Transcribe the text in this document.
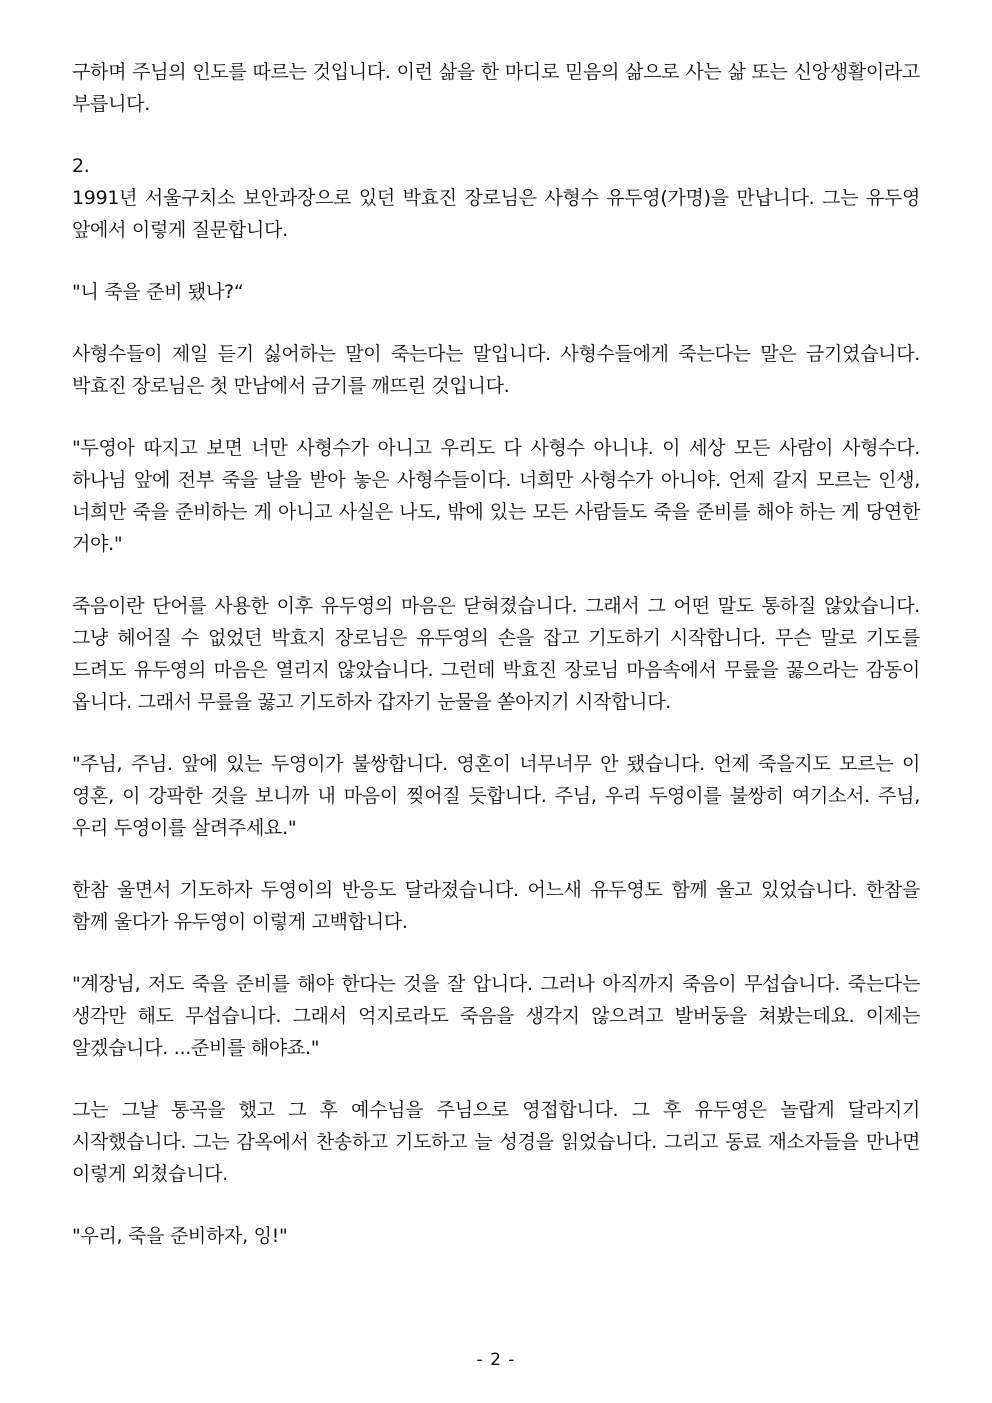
구하며 주님의 인도를 따르는 것입니다. 이런 삶을 한 마디로 믿음의 삶으로 사는 삶 또는 신앙생활이라고 부릅니다.

2.

1991년 서울구치소 보안과장으로 있던 박효진 장로님은 사형수 유두영(가명)을 만납니다. 그는 유두영 앞에서 이렇게 질문합니다.

"니 죽을 준비 됐나?“

사형수들이 제일 듣기 싫어하는 말이 죽는다는 말입니다. 사형수들에게 죽는다는 말은 금기였습니다. 박효진 장로님은 첫 만남에서 금기를 깨뜨린 것입니다.

"두영아 따지고 보면 너만 사형수가 아니고 우리도 다 사형수 아니냐. 이 세상 모든 사람이 사형수다. 하나님 앞에 전부 죽을 날을 받아 놓은 사형수들이다. 너희만 사형수가 아니야. 언제 갈지 모르는 인생, 너희만 죽을 준비하는 게 아니고 사실은 나도, 밖에 있는 모든 사람들도 죽을 준비를 해야 하는 게 당연한 거야."

죽음이란 단어를 사용한 이후 유두영의 마음은 닫혀졌습니다. 그래서 그 어떤 말도 통하질 않았습니다. 그냥 헤어질 수 없었던 박효지 장로님은 유두영의 손을 잡고 기도하기 시작합니다. 무슨 말로 기도를 드려도 유두영의 마음은 열리지 않았습니다. 그런데 박효진 장로님 마음속에서 무릎을 꿇으라는 감동이 옵니다. 그래서 무릎을 꿇고 기도하자 갑자기 눈물을 쏟아지기 시작합니다.

"주님, 주님. 앞에 있는 두영이가 불쌍합니다. 영혼이 너무너무 안 됐습니다. 언제 죽을지도 모르는 이 영혼, 이 강팍한 것을 보니까 내 마음이 찢어질 듯합니다. 주님, 우리 두영이를 불쌍히 여기소서. 주님, 우리 두영이를 살려주세요."

한참 울면서 기도하자 두영이의 반응도 달라졌습니다. 어느새 유두영도 함께 울고 있었습니다. 한참을 함께 울다가 유두영이 이렇게 고백합니다.

"계장님, 저도 죽을 준비를 해야 한다는 것을 잘 압니다. 그러나 아직까지 죽음이 무섭습니다. 죽는다는 생각만 해도 무섭습니다. 그래서 억지로라도 죽음을 생각지 않으려고 발버둥을 쳐봤는데요. 이제는 알겠습니다. ...준비를 해야죠."

그는 그날 통곡을 했고 그 후 예수님을 주님으로 영접합니다. 그 후 유두영은 놀랍게 달라지기 시작했습니다. 그는 감옥에서 찬송하고 기도하고 늘 성경을 읽었습니다. 그리고 동료 재소자들을 만나면 이렇게 외쳤습니다.

"우리, 죽을 준비하자, 잉!"

- 2 -
